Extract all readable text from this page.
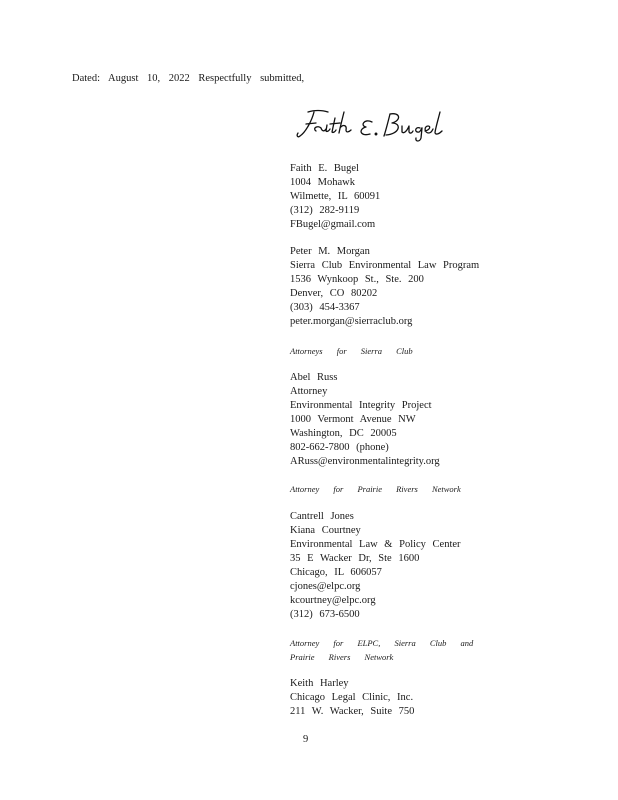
Dated: August 10, 2022 Respectfully submitted,
Faith E. Bugel
1004 Mohawk
Wilmette, IL 60091
(312) 282-9119
FBugel@gmail.com
Peter M. Morgan
Sierra Club Environmental Law Program
1536 Wynkoop St., Ste. 200
Denver, CO 80202
(303) 454-3367
peter.morgan@sierraclub.org
Attorneys for Sierra Club
Abel Russ
Attorney
Environmental Integrity Project
1000 Vermont Avenue NW
Washington, DC 20005
802-662-7800 (phone)
ARuss@environmentalintegrity.org
Attorney for Prairie Rivers Network
Cantrell Jones
Kiana Courtney
Environmental Law & Policy Center
35 E Wacker Dr, Ste 1600
Chicago, IL 606057
cjones@elpc.org
kcourtney@elpc.org
(312) 673-6500
Attorney for ELPC, Sierra Club and
Prairie Rivers Network
Keith Harley
Chicago Legal Clinic, Inc.
211 W. Wacker, Suite 750
9
